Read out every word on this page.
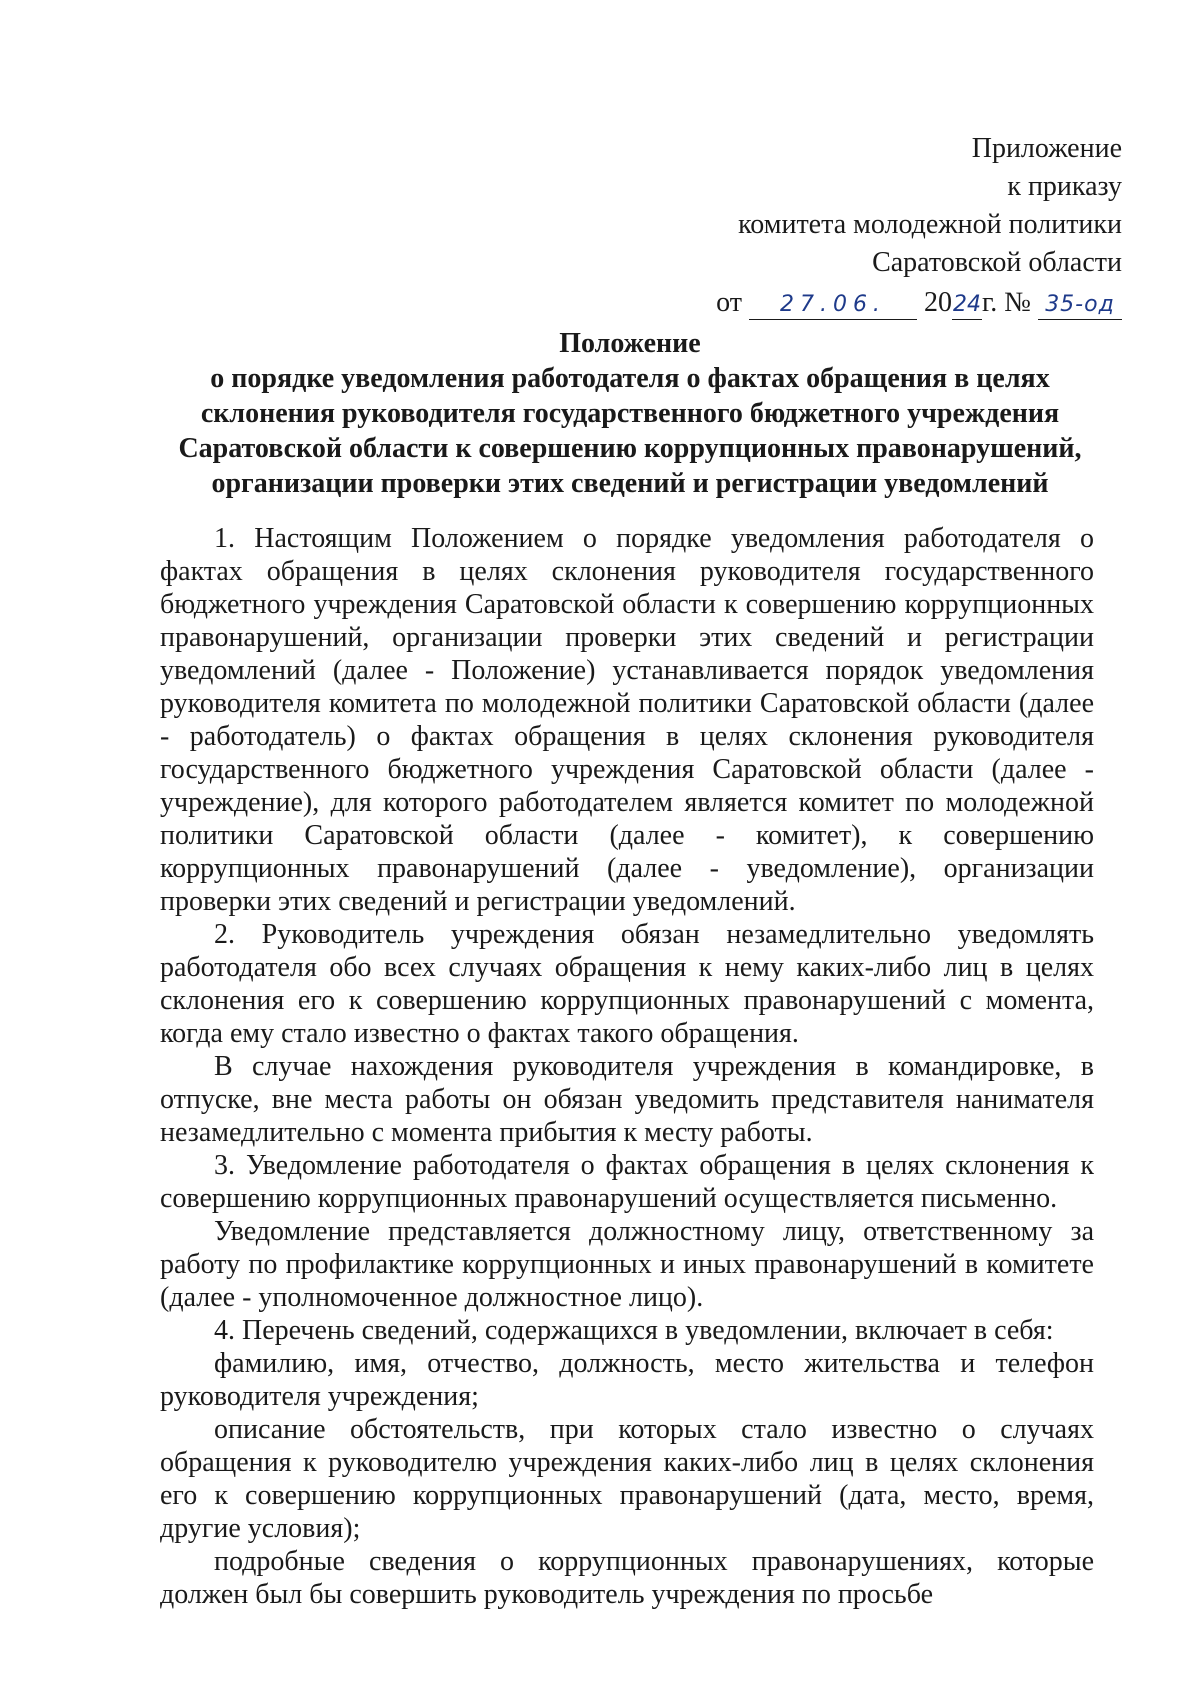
Приложение
к приказу
комитета молодежной политики
Саратовской области
от 27.06. 2024г. № 35-од
Положение
о порядке уведомления работодателя о фактах обращения в целях
склонения руководителя государственного бюджетного учреждения
Саратовской области к совершению коррупционных правонарушений,
организации проверки этих сведений и регистрации уведомлений

1. Настоящим Положением о порядке уведомления работодателя о фактах обращения в целях склонения руководителя государственного бюджетного учреждения Саратовской области к совершению коррупционных правонарушений, организации проверки этих сведений и регистрации уведомлений (далее - Положение) устанавливается порядок уведомления руководителя комитета по молодежной политики Саратовской области (далее - работодатель) о фактах обращения в целях склонения руководителя государственного бюджетного учреждения Саратовской области (далее - учреждение), для которого работодателем является комитет по молодежной политики Саратовской области (далее - комитет), к совершению коррупционных правонарушений (далее - уведомление), организации проверки этих сведений и регистрации уведомлений.

2. Руководитель учреждения обязан незамедлительно уведомлять работодателя обо всех случаях обращения к нему каких-либо лиц в целях склонения его к совершению коррупционных правонарушений с момента, когда ему стало известно о фактах такого обращения.

В случае нахождения руководителя учреждения в командировке, в отпуске, вне места работы он обязан уведомить представителя нанимателя незамедлительно с момента прибытия к месту работы.

3. Уведомление работодателя о фактах обращения в целях склонения к совершению коррупционных правонарушений осуществляется письменно.

Уведомление представляется должностному лицу, ответственному за работу по профилактике коррупционных и иных правонарушений в комитете (далее - уполномоченное должностное лицо).

4. Перечень сведений, содержащихся в уведомлении, включает в себя:

фамилию, имя, отчество, должность, место жительства и телефон руководителя учреждения;

описание обстоятельств, при которых стало известно о случаях обращения к руководителю учреждения каких-либо лиц в целях склонения его к совершению коррупционных правонарушений (дата, место, время, другие условия);

подробные сведения о коррупционных правонарушениях, которые должен был бы совершить руководитель учреждения по просьбе
